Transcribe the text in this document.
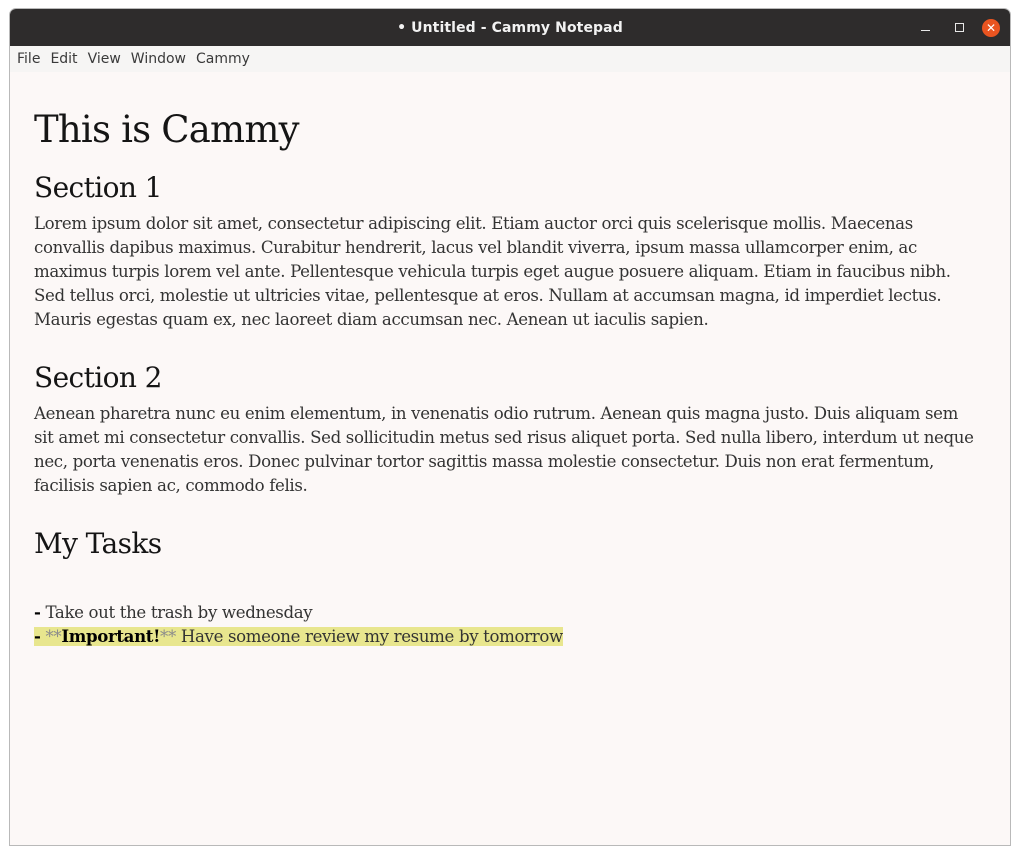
• Untitled - Cammy Notepad	✕
File Edit View Window Cammy
This is Cammy
Section 1

Lorem ipsum dolor sit amet, consectetur adipiscing elit. Etiam auctor orci quis scelerisque mollis. Maecenas convallis dapibus maximus. Curabitur hendrerit, lacus vel blandit viverra, ipsum massa ullamcorper enim, ac maximus turpis lorem vel ante. Pellentesque vehicula turpis eget augue posuere aliquam. Etiam in faucibus nibh. Sed tellus orci, molestie ut ultricies vitae, pellentesque at eros. Nullam at accumsan magna, id imperdiet lectus. Mauris egestas quam ex, nec laoreet diam accumsan nec. Aenean ut iaculis sapien.

Section 2

Aenean pharetra nunc eu enim elementum, in venenatis odio rutrum. Aenean quis magna justo. Duis aliquam sem sit amet mi consectetur convallis. Sed sollicitudin metus sed risus aliquet porta. Sed nulla libero, interdum ut neque nec, porta venenatis eros. Donec pulvinar tortor sagittis massa molestie consectetur. Duis non erat fermentum, facilisis sapien ac, commodo felis.

My Tasks
- Take out the trash by wednesday
- **Important!** Have someone review my resume by tomorrow
